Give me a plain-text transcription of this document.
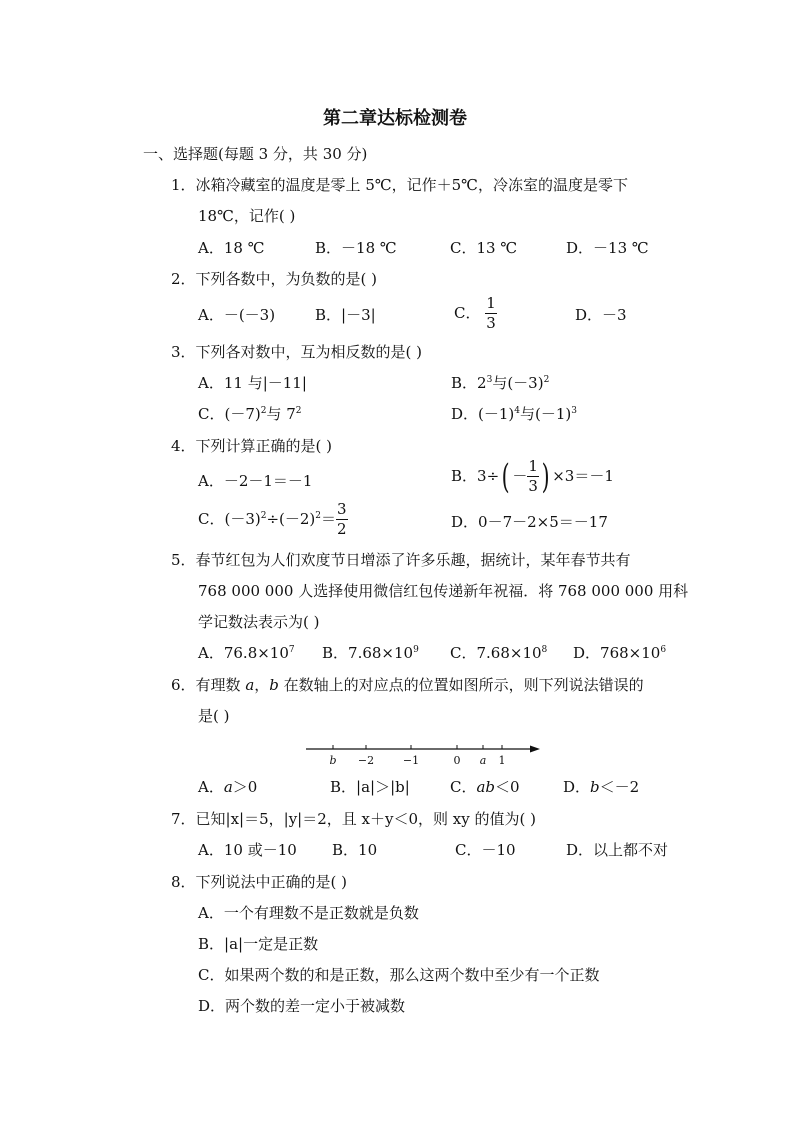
第二章达标检测卷
一、选择题(每题 3 分，共 30 分)
1．冰箱冷藏室的温度是零上 5℃，记作＋5℃，冷冻室的温度是零下
18℃，记作( )
A．18 ℃	B．－18 ℃	C．13 ℃	D．－13 ℃
2．下列各数中，为负数的是( )
A．－(－3)	B．|－3|	C． $\frac{1}{3}$	D．－3
3．下列各对数中，互为相反数的是( )
A．11 与|－11|	B．$2^3$与$(-3)^2$
C．$(-7)^2$与 $7^2$	D．$(-1)^4$与$(-1)^3$
4．下列计算正确的是( )
A．－2－1＝－1	B．$3\div( - \frac{1}{3}$ ) ×3＝－1
C．$(-3)^2\div(-2)^2= \frac{3}{2}$	D．0－7－2×5＝－17
5．春节红包为人们欢度节日增添了许多乐趣，据统计，某年春节共有
768 000 000 人选择使用微信红包传递新年祝福．将 768 000 000 用科
学记数法表示为( )
A．$76.8\times 10^7$ B．$7.68\times 10^9$ C．$7.68\times 10^8$ D．$768\times 10^6$
6．有理数 a，b 在数轴上的对应点的位置如图所示，则下列说法错误的
是( )
b −2	−1	0 a 1
A．a＞0	B．|a|＞|b|	C．ab＜0	D．b＜－2
7．已知|x|＝5，|y|＝2，且 x＋y＜0，则 xy 的值为( )
A．10 或－10 B．10	C．－10	D．以上都不对
8．下列说法中正确的是( )
A．一个有理数不是正数就是负数
B．|a|一定是正数
C．如果两个数的和是正数，那么这两个数中至少有一个正数
D．两个数的差一定小于被减数
